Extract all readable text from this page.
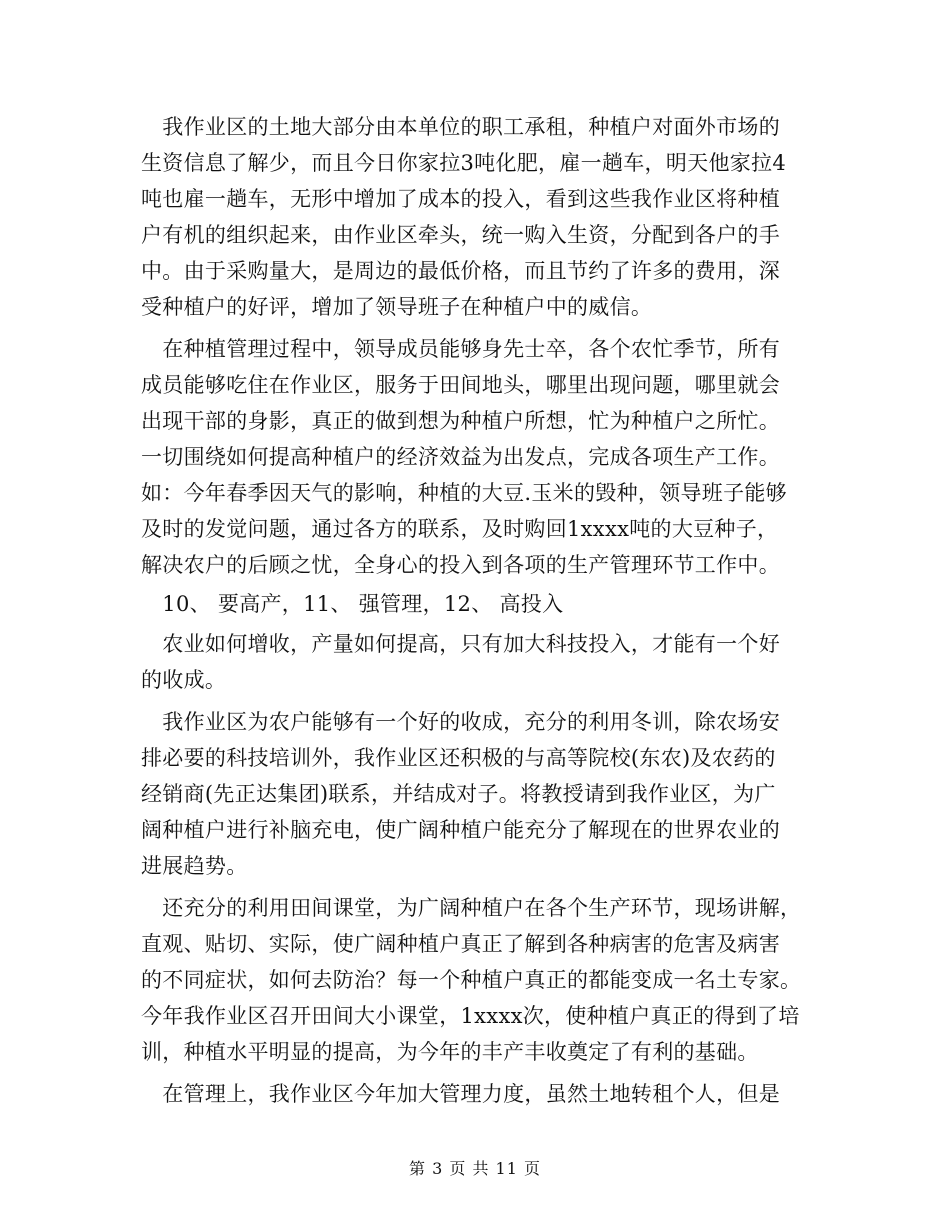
　我作业区的土地大部分由本单位的职工承租，种植户对面外市场的
生资信息了解少，而且今日你家拉3吨化肥，雇一趟车，明天他家拉4
吨也雇一趟车，无形中增加了成本的投入，看到这些我作业区将种植
户有机的组织起来，由作业区牵头，统一购入生资，分配到各户的手
中。由于采购量大，是周边的最低价格，而且节约了许多的费用，深
受种植户的好评，增加了领导班子在种植户中的威信。
　在种植管理过程中，领导成员能够身先士卒，各个农忙季节，所有
成员能够吃住在作业区，服务于田间地头，哪里出现问题，哪里就会
出现干部的身影，真正的做到想为种植户所想，忙为种植户之所忙。
一切围绕如何提高种植户的经济效益为出发点，完成各项生产工作。
如：今年春季因天气的影响，种植的大豆.玉米的毁种，领导班子能够
及时的发觉问题，通过各方的联系，及时购回1xxxx吨的大豆种子，
解决农户的后顾之忧，全身心的投入到各项的生产管理环节工作中。
　10、 要高产，11、 强管理，12、 高投入
　农业如何增收，产量如何提高，只有加大科技投入，才能有一个好
的收成。
　我作业区为农户能够有一个好的收成，充分的利用冬训，除农场安
排必要的科技培训外，我作业区还积极的与高等院校(东农)及农药的
经销商(先正达集团)联系，并结成对子。将教授请到我作业区，为广
阔种植户进行补脑充电，使广阔种植户能充分了解现在的世界农业的
进展趋势。
　还充分的利用田间课堂，为广阔种植户在各个生产环节，现场讲解，
直观、贴切、实际，使广阔种植户真正了解到各种病害的危害及病害
的不同症状，如何去防治？每一个种植户真正的都能变成一名土专家。
今年我作业区召开田间大小课堂，1xxxx次，使种植户真正的得到了培
训，种植水平明显的提高，为今年的丰产丰收奠定了有利的基础。
　在管理上，我作业区今年加大管理力度，虽然土地转租个人，但是
第 3 页 共 11 页
